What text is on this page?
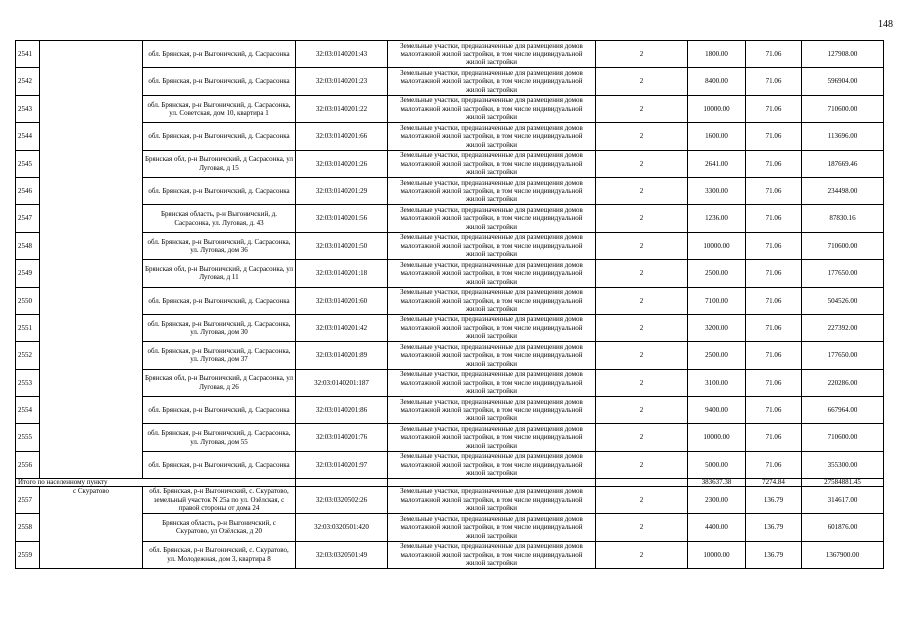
148
2541		обл. Брянская, р-н Выгоничский, д. Сасрасонка	32:03:0140201:43	Земельные участки, предназначенные для размещения домов малоэтажной жилой застройки, в том числе индивидуальной жилой застройки	2	1800.00	71.06	127908.00
2542		обл. Брянская, р-н Выгоничский, д. Сасрасонка	32:03:0140201:23	Земельные участки, предназначенные для размещения домов малоэтажной жилой застройки, в том числе индивидуальной жилой застройки	2	8400.00	71.06	596904.00
2543		обл. Брянская, р-н Выгоничский, д. Сасрасонка, ул. Советская, дом 10, квартира 1	32:03:0140201:22	Земельные участки, предназначенные для размещения домов малоэтажной жилой застройки, в том числе индивидуальной жилой застройки	2	10000.00	71.06	710600.00
2544		обл. Брянская, р-н Выгоничский, д. Сасрасонка	32:03:0140201:66	Земельные участки, предназначенные для размещения домов малоэтажной жилой застройки, в том числе индивидуальной жилой застройки	2	1600.00	71.06	113696.00
2545		Брянская обл, р-н Выгоничский, д Сасрасонка, ул Луговая, д 15	32:03:0140201:26	Земельные участки, предназначенные для размещения домов малоэтажной жилой застройки, в том числе индивидуальной жилой застройки	2	2641.00	71.06	187669.46
2546		обл. Брянская, р-н Выгоничский, д. Сасрасонка	32:03:0140201:29	Земельные участки, предназначенные для размещения домов малоэтажной жилой застройки, в том числе индивидуальной жилой застройки	2	3300.00	71.06	234498.00
2547		Брянская область, р-н Выгоничский, д. Сасрасонка, ул. Луговая, д. 43	32:03:0140201:56	Земельные участки, предназначенные для размещения домов малоэтажной жилой застройки, в том числе индивидуальной жилой застройки	2	1236.00	71.06	87830.16
2548		обл. Брянская, р-н Выгоничский, д. Сасрасонка, ул. Луговая, дом 36	32:03:0140201:50	Земельные участки, предназначенные для размещения домов малоэтажной жилой застройки, в том числе индивидуальной жилой застройки	2	10000.00	71.06	710600.00
2549		Брянская обл, р-н Выгоничский, д Сасрасонка, ул Луговая, д 11	32:03:0140201:18	Земельные участки, предназначенные для размещения домов малоэтажной жилой застройки, в том числе индивидуальной жилой застройки	2	2500.00	71.06	177650.00
2550		обл. Брянская, р-н Выгоничский, д. Сасрасонка	32:03:0140201:60	Земельные участки, предназначенные для размещения домов малоэтажной жилой застройки, в том числе индивидуальной жилой застройки	2	7100.00	71.06	504526.00
2551		обл. Брянская, р-н Выгоничский, д. Сасрасонка, ул. Луговая, дом 30	32:03:0140201:42	Земельные участки, предназначенные для размещения домов малоэтажной жилой застройки, в том числе индивидуальной жилой застройки	2	3200.00	71.06	227392.00
2552		обл. Брянская, р-н Выгоничский, д. Сасрасонка, ул. Луговая, дом 37	32:03:0140201:89	Земельные участки, предназначенные для размещения домов малоэтажной жилой застройки, в том числе индивидуальной жилой застройки	2	2500.00	71.06	177650.00
2553		Брянская обл, р-н Выгоничский, д Сасрасонка, ул Луговая, д 26	32:03:0140201:187	Земельные участки, предназначенные для размещения домов малоэтажной жилой застройки, в том числе индивидуальной жилой застройки	2	3100.00	71.06	220286.00
2554		обл. Брянская, р-н Выгоничский, д. Сасрасонка	32:03:0140201:86	Земельные участки, предназначенные для размещения домов малоэтажной жилой застройки, в том числе индивидуальной жилой застройки	2	9400.00	71.06	667964.00
2555		обл. Брянская, р-н Выгоничский, д. Сасрасонка, ул. Луговая, дом 55	32:03:0140201:76	Земельные участки, предназначенные для размещения домов малоэтажной жилой застройки, в том числе индивидуальной жилой застройки	2	10000.00	71.06	710600.00
2556		обл. Брянская, р-н Выгоничский, д. Сасрасонка	32:03:0140201:97	Земельные участки, предназначенные для размещения домов малоэтажной жилой застройки, в том числе индивидуальной жилой застройки	2	5000.00	71.06	355300.00
Итого по населенному пункту						383637.38	7274.84	27584881.45
2557	с Скуратово	обл. Брянская, р-н Выгоничский, с. Скуратово, земельный участок N 25а по ул. Озёлская, с правой стороны от дома 24	32:03:0320502:26	Земельные участки, предназначенные для размещения домов малоэтажной жилой застройки, в том числе индивидуальной жилой застройки	2	2300.00	136.79	314617.00
2558		Брянская область, р-н Выгоничский, с Скуратово, ул Озёлская, д 20	32:03:0320501:420	Земельные участки, предназначенные для размещения домов малоэтажной жилой застройки, в том числе индивидуальной жилой застройки	2	4400.00	136.79	601876.00
2559		обл. Брянская, р-н Выгоничский, с. Скуратово, ул. Молодежная, дом 3, квартира 8	32:03:0320501:49	Земельные участки, предназначенные для размещения домов малоэтажной жилой застройки, в том числе индивидуальной жилой застройки	2	10000.00	136.79	1367900.00
